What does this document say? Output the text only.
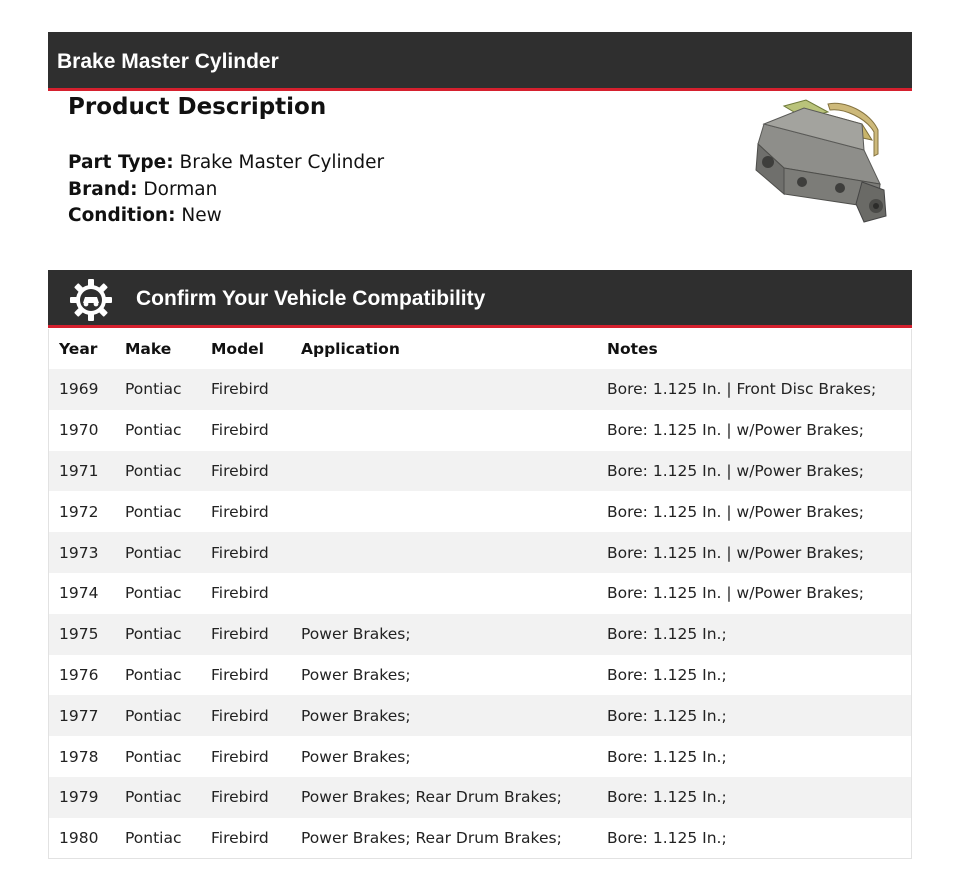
Brake Master Cylinder
Product Description
Part Type: Brake Master Cylinder
Brand: Dorman
Condition: New
Confirm Your Vehicle Compatibility
Year	Make	Model	Application	Notes
1969	Pontiac	Firebird		Bore: 1.125 In. | Front Disc Brakes;
1970	Pontiac	Firebird		Bore: 1.125 In. | w/Power Brakes;
1971	Pontiac	Firebird		Bore: 1.125 In. | w/Power Brakes;
1972	Pontiac	Firebird		Bore: 1.125 In. | w/Power Brakes;
1973	Pontiac	Firebird		Bore: 1.125 In. | w/Power Brakes;
1974	Pontiac	Firebird		Bore: 1.125 In. | w/Power Brakes;
1975	Pontiac	Firebird	Power Brakes;	Bore: 1.125 In.;
1976	Pontiac	Firebird	Power Brakes;	Bore: 1.125 In.;
1977	Pontiac	Firebird	Power Brakes;	Bore: 1.125 In.;
1978	Pontiac	Firebird	Power Brakes;	Bore: 1.125 In.;
1979	Pontiac	Firebird	Power Brakes; Rear Drum Brakes;	Bore: 1.125 In.;
1980	Pontiac	Firebird	Power Brakes; Rear Drum Brakes;	Bore: 1.125 In.;
